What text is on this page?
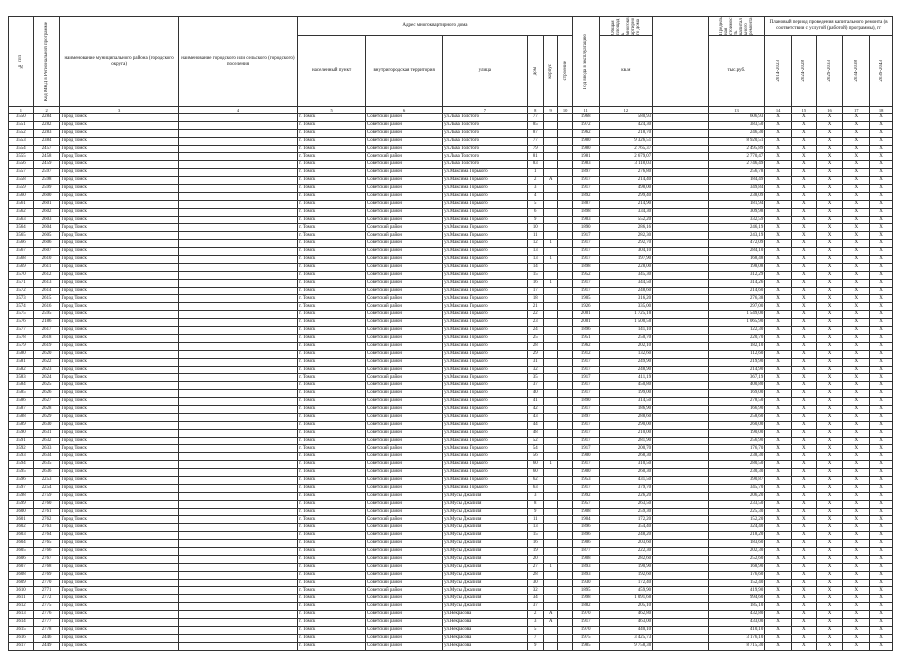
№ п/п	Код МКД в Региональной программе	наименование муниципального района (городского округа)	наименование городского или сельского (городского) поселения	Адрес многоквартирного дома						Год ввода в эксплуатацию	Общая площадь многоквартирного дома		Предельная стоимость капитального ремонта	Плановый период проведения капитального ремонта (в соответствии с услугой (работой) программы), гг				
				населенный пункт	внутригородская территория	улица	дом	корпус	строение		кв.м		тыс.руб.	2014-2023	2024-2028	2029-2033	2034-2038	2039-2043

1	2	3	4	5	6	7	8	9	10	11	12		13	14	15	16	17	18
3550	2284	Город Томск		г. Томск	Советский район	ул.Льва Толстого	77			1968	580,93		606,93	X	X	X	X	X
3551	2282	Город Томск		г. Томск	Советский район	ул.Льва Толстого	85			1972	424,30		383,50	X	X	X	X	X
3552	2283	Город Томск		г. Томск	Советский район	ул.Льва Толстого	87			1962	218,70		246,30	X	X	X	X	X
3553	2384	Город Томск		г. Томск	Советский район	ул.Льва Толстого	77			1980	9 326,51		8 920,51	X	X	X	X	X
3554	2457	Город Томск		г. Томск	Советский район	ул.Льва Толстого	79			1980	2 765,37		2 495,89	X	X	X	X	X
3555	2458	Город Томск		г. Томск	Советский район	ул.Льва Толстого	81			1981	2 679,07		2 770,47	X	X	X	X	X
3556	2459	Город Томск		г. Томск	Советский район	ул.Льва Толстого	83			1983	3 118,03		2 746,49	X	X	X	X	X
3557	2597	Город Томск		г. Томск	Советский район	ул.Максима Горького	1			1897	276,80		256,78	X	X	X	X	X
3558	2598	Город Томск		г. Томск	Советский район	ул.Максима Горького	2	А		1917	214,40		184,49	X	X	X	X	X
3559	2599	Город Томск		г. Томск	Советский район	ул.Максима Горького	3			1917	498,00		349,84	X	X	X	X	X
3560	2600	Город Томск		г. Томск	Советский район	ул.Максима Горького	4			1892	299,40		238,09	X	X	X	X	X
3561	2601	Город Томск		г. Томск	Советский район	ул.Максима Горького	5			1887	214,90		181,94	X	X	X	X	X
3562	2602	Город Томск		г. Томск	Советский район	ул.Максима Горького	6			1898	334,30		309,98	X	X	X	X	X
3563	2603	Город Томск		г. Томск	Советский район	ул.Максима Горького	9			1903	552,20		332,59	X	X	X	X	X
3564	2604	Город Томск		г. Томск	Советский район	ул.Максима Горького	10			1890	286,16		246,19	X	X	X	X	X
3565	2605	Город Томск		г. Томск	Советский район	ул.Максима Горького	11			1917	282,30		243,19	X	X	X	X	X
3566	2606	Город Томск		г. Томск	Советский район	ул.Максима Горького	12	1		1917	292,70		472,09	X	X	X	X	X
3567	2607	Город Томск		г. Томск	Советский район	ул.Максима Горького	13			1917	304,10		284,10	X	X	X	X	X
3568	2610	Город Томск		г. Томск	Советский район	ул.Максима Горького	13	1		1917	197,90		168,48	X	X	X	X	X
3569	2611	Город Томск		г. Томск	Советский район	ул.Максима Горького	14			1898	228,00		198,08	X	X	X	X	X
3570	2612	Город Томск		г. Томск	Советский район	ул.Максима Горького	15			1952	345,30		312,29	X	X	X	X	X
3571	2613	Город Томск		г. Томск	Советский район	ул.Максима Горького	16	1		1917	344,50		314,26	X	X	X	X	X
3572	2614	Город Томск		г. Томск	Советский район	ул.Максима Горького	17			1917	248,60		214,60	X	X	X	X	X
3573	2615	Город Томск		г. Томск	Советский район	ул.Максима Горького	18			1905	316,20		276,38	X	X	X	X	X
3574	2616	Город Томск		г. Томск	Советский район	ул.Максима Горького	21			1926	335,00		297,00	X	X	X	X	X
3575	2595	Город Томск		г. Томск	Советский район	ул.Максима Горького	22			2001	1 725,10		1 549,00	X	X	X	X	X
3576	2186	Город Томск		г. Томск	Советский район	ул.Максима Горького	23			2001	1 500,50		1 065,90	X	X	X	X	X
3577	2617	Город Томск		г. Томск	Советский район	ул.Максима Горького	24			1896	141,10		122,30	X	X	X	X	X
3578	2618	Город Томск		г. Томск	Советский район	ул.Максима Горького	25			1951	250,70		220,70	X	X	X	X	X
3579	2619	Город Томск		г. Томск	Советский район	ул.Максима Горького	28			1962	202,10		182,10	X	X	X	X	X
3580	2620	Город Томск		г. Томск	Советский район	ул.Максима Горького	29			1912	132,60		112,60	X	X	X	X	X
3581	2622	Город Томск		г. Томск	Советский район	ул.Максима Горького	31			1917	249,90		219,90	X	X	X	X	X
3582	2623	Город Томск		г. Томск	Советский район	ул.Максима Горького	32			1917	248,90		214,90	X	X	X	X	X
3583	2624	Город Томск		г. Томск	Советский район	ул.Максима Горького	35			1917	411,19		367,19	X	X	X	X	X
3584	2625	Город Томск		г. Томск	Советский район	ул.Максима Горького	37			1917	450,80		400,80	X	X	X	X	X
3585	2626	Город Томск		г. Томск	Советский район	ул.Максима Горького	40			1917	199,00		169,00	X	X	X	X	X
3586	2627	Город Томск		г. Томск	Советский район	ул.Максима Горького	41			1890	314,50		278,50	X	X	X	X	X
3587	2628	Город Томск		г. Томск	Советский район	ул.Максима Горького	42			1917	186,90		166,90	X	X	X	X	X
3588	2629	Город Томск		г. Томск	Советский район	ул.Максима Горького	43			1897	288,60		258,60	X	X	X	X	X
3589	2630	Город Томск		г. Томск	Советский район	ул.Максима Горького	44			1917	290,00		260,00	X	X	X	X	X
3590	2631	Город Томск		г. Томск	Советский район	ул.Максима Горького	48			1917	210,00		190,00	X	X	X	X	X
3591	2632	Город Томск		г. Томск	Советский район	ул.Максима Горького	52			1917	281,90		256,90	X	X	X	X	X
3592	2633	Город Томск		г. Томск	Советский район	ул.Максима Горького	54			1917	200,70		176,70	X	X	X	X	X
3593	2634	Город Томск		г. Томск	Советский район	ул.Максима Горького	56			1900	268,30		238,30	X	X	X	X	X
3594	2635	Город Томск		г. Томск	Советский район	ул.Максима Горького	60	1		1917	310,50		280,50	X	X	X	X	X
3595	2636	Город Томск		г. Томск	Советский район	ул.Максима Горького	60			1900	260,30		230,30	X	X	X	X	X
3596	2253	Город Томск		г. Томск	Советский район	ул.Максима Горького	62			1953	431,50		390,87	X	X	X	X	X
3597	2254	Город Томск		г. Томск	Советский район	ул.Максима Горького	63			1917	379,70		345,70	X	X	X	X	X
3598	2759	Город Томск		г. Томск	Советский район	ул.Мусы Джалиля	3			1992	226,20		206,20	X	X	X	X	X
3599	2760	Город Томск		г. Томск	Советский район	ул.Мусы Джалиля	8			1957	263,50		233,50	X	X	X	X	X
3600	2761	Город Томск		г. Томск	Советский район	ул.Мусы Джалиля	9			1908	259,30		225,30	X	X	X	X	X
3601	2762	Город Томск		г. Томск	Советский район	ул.Мусы Джалиля	11			1904	172,20		152,20	X	X	X	X	X
3602	2763	Город Томск		г. Томск	Советский район	ул.Мусы Джалиля	13			1896	354,40		324,40	X	X	X	X	X
3603	2764	Город Томск		г. Томск	Советский район	ул.Мусы Джалиля	15			1896	248,20		218,20	X	X	X	X	X
3604	2765	Город Томск		г. Томск	Советский район	ул.Мусы Джалиля	16			1906	203,60		183,60	X	X	X	X	X
3605	2766	Город Томск		г. Томск	Советский район	ул.Мусы Джалиля	19			1877	222,30		202,30	X	X	X	X	X
3606	2767	Город Томск		г. Томск	Советский район	ул.Мусы Джалиля	20			1908	282,60		252,60	X	X	X	X	X
3607	2768	Город Томск		г. Томск	Советский район	ул.Мусы Джалиля	27	1		1893	190,90		168,90	X	X	X	X	X
3608	2769	Город Томск		г. Томск	Советский район	ул.Мусы Джалиля	28			1893	192,60		176,60	X	X	X	X	X
3609	2770	Город Томск		г. Томск	Советский район	ул.Мусы Джалиля	30			1930	172,40		152,40	X	X	X	X	X
3610	2771	Город Томск		г. Томск	Советский район	ул.Мусы Джалиля	32			1895	459,90		419,90	X	X	X	X	X
3611	2772	Город Томск		г. Томск	Советский район	ул.Мусы Джалиля	34			1998	1 091,60		994,60	X	X	X	X	X
3612	2775	Город Томск		г. Томск	Советский район	ул.Мусы Джалиля	37			1882	205,10		185,10	X	X	X	X	X
3613	2776	Город Томск		г. Томск	Советский район	ул.Некрасова	2	А		1970	462,80		432,80	X	X	X	X	X
3614	2777	Город Томск		г. Томск	Советский район	ул.Некрасова	3	А		1917	463,00		433,00	X	X	X	X	X
3615	2778	Город Томск		г. Томск	Советский район	ул.Некрасова	5			1970	440,10		410,10	X	X	X	X	X
3616	2446	Город Томск		г. Томск	Советский район	ул.Некрасова	7			1975	3 425,73		3 176,10	X	X	X	X	X
3617	2449	Город Томск		г. Томск	Советский район	ул.Некрасова	9			1985	9 758,30		8 715,30	X	X	X	X	X
